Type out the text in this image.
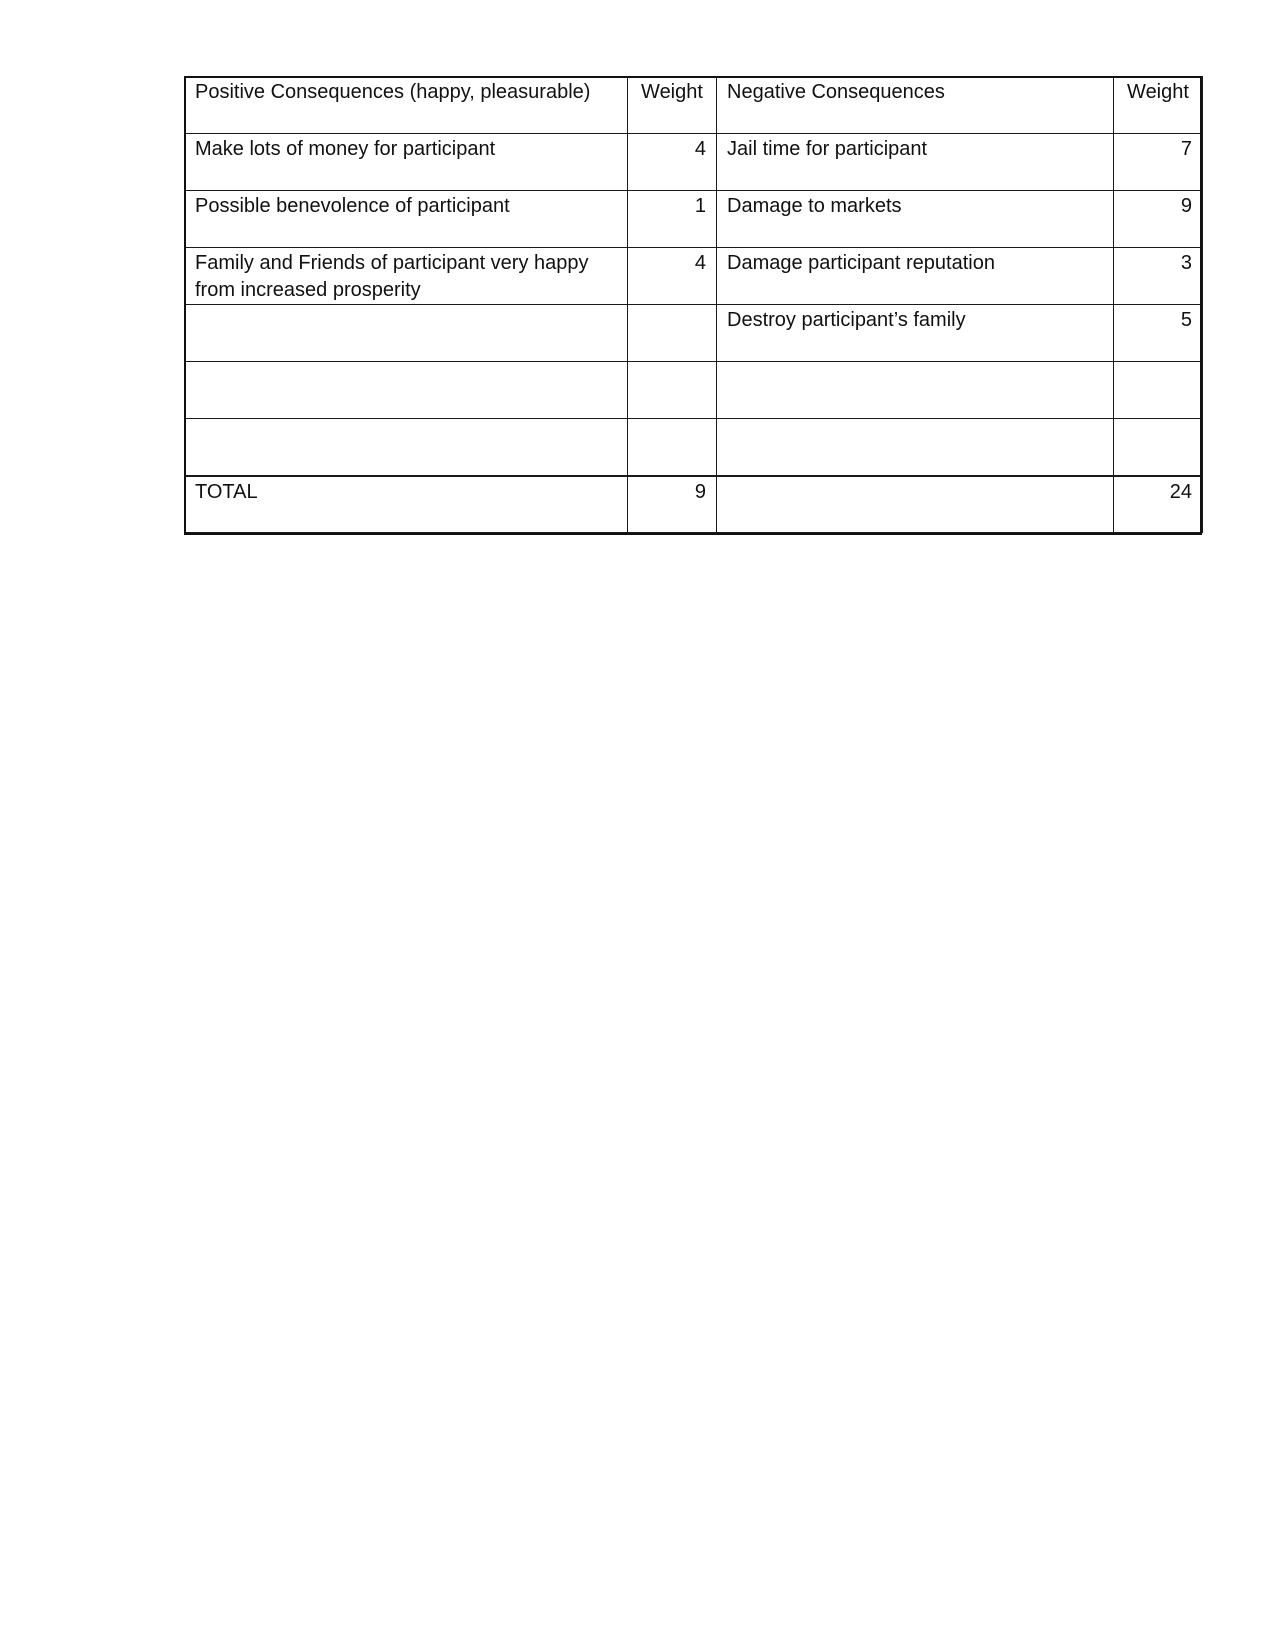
Positive Consequences (happy, pleasurable)	Weight	Negative Consequences	Weight
Make lots of money for participant	4	Jail time for participant	7
Possible benevolence of participant	1	Damage to markets	9
Family and Friends of participant very happy from increased prosperity	4	Damage participant reputation	3
		Destroy participant’s family	5

TOTAL	9		24
